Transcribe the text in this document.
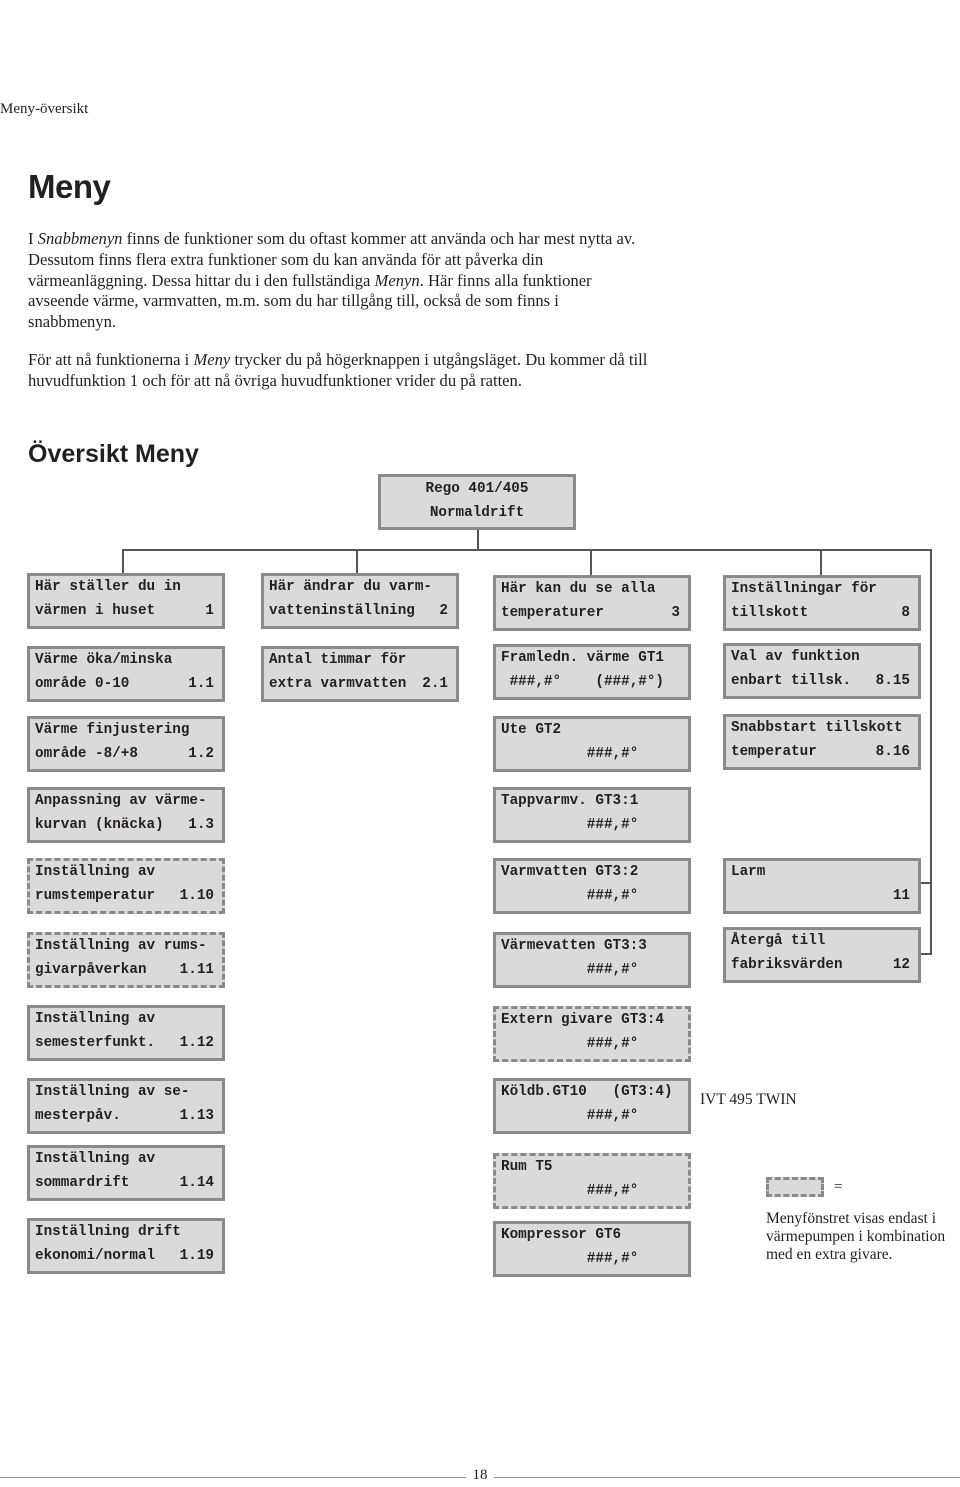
Meny-översikt
Meny

I Snabbmenyn finns de funktioner som du oftast kommer att använda och har mest nytta av. Dessutom finns flera extra funktioner som du kan använda för att påverka din värmeanläggning. Dessa hittar du i den fullständiga Menyn. Här finns alla funktioner avseende värme, varmvatten, m.m. som du har tillgång till, också de som finns i snabbmenyn.

För att nå funktionerna i Meny trycker du på högerknappen i utgångsläget. Du kommer då till huvudfunktion 1 och för att nå övriga huvudfunktioner vrider du på ratten.

Översikt Meny
Rego 401/405
Normaldrift
Här ställer du in
värmen i huset	1
Värme öka/minska
område 0-10	1.1
Värme finjustering
område -8/+8	1.2
Anpassning av värme-
kurvan (knäcka)	1.3
Inställning av
rumstemperatur	1.10
Inställning av rums-
givarpåverkan	1.11
Inställning av
semesterfunkt.	1.12
Inställning av se-
mesterpåv.	1.13
Inställning av
sommardrift	1.14
Inställning drift
ekonomi/normal	1.19
Här ändrar du varm-
vatteninställning	2
Antal timmar för
extra varmvatten	2.1
Här kan du se alla
temperaturer	3
Framledn. värme GT1
###,#°    (###,#°)
Ute GT2
###,#°
Tappvarmv. GT3:1
###,#°
Varmvatten GT3:2
###,#°
Värmevatten GT3:3
###,#°
Extern givare GT3:4
###,#°
Köldb.GT10   (GT3:4)
###,#°
Rum T5
###,#°
Kompressor GT6
###,#°
Inställningar för
tillskott	8
Val av funktion
enbart tillsk.	8.15
Snabbstart tillskott
temperatur	8.16
Larm
11
Återgå till
fabriksvärden	12
IVT 495 TWIN
=
Menyfönstret visas endast i värmepumpen i kombination med en extra givare.
18
